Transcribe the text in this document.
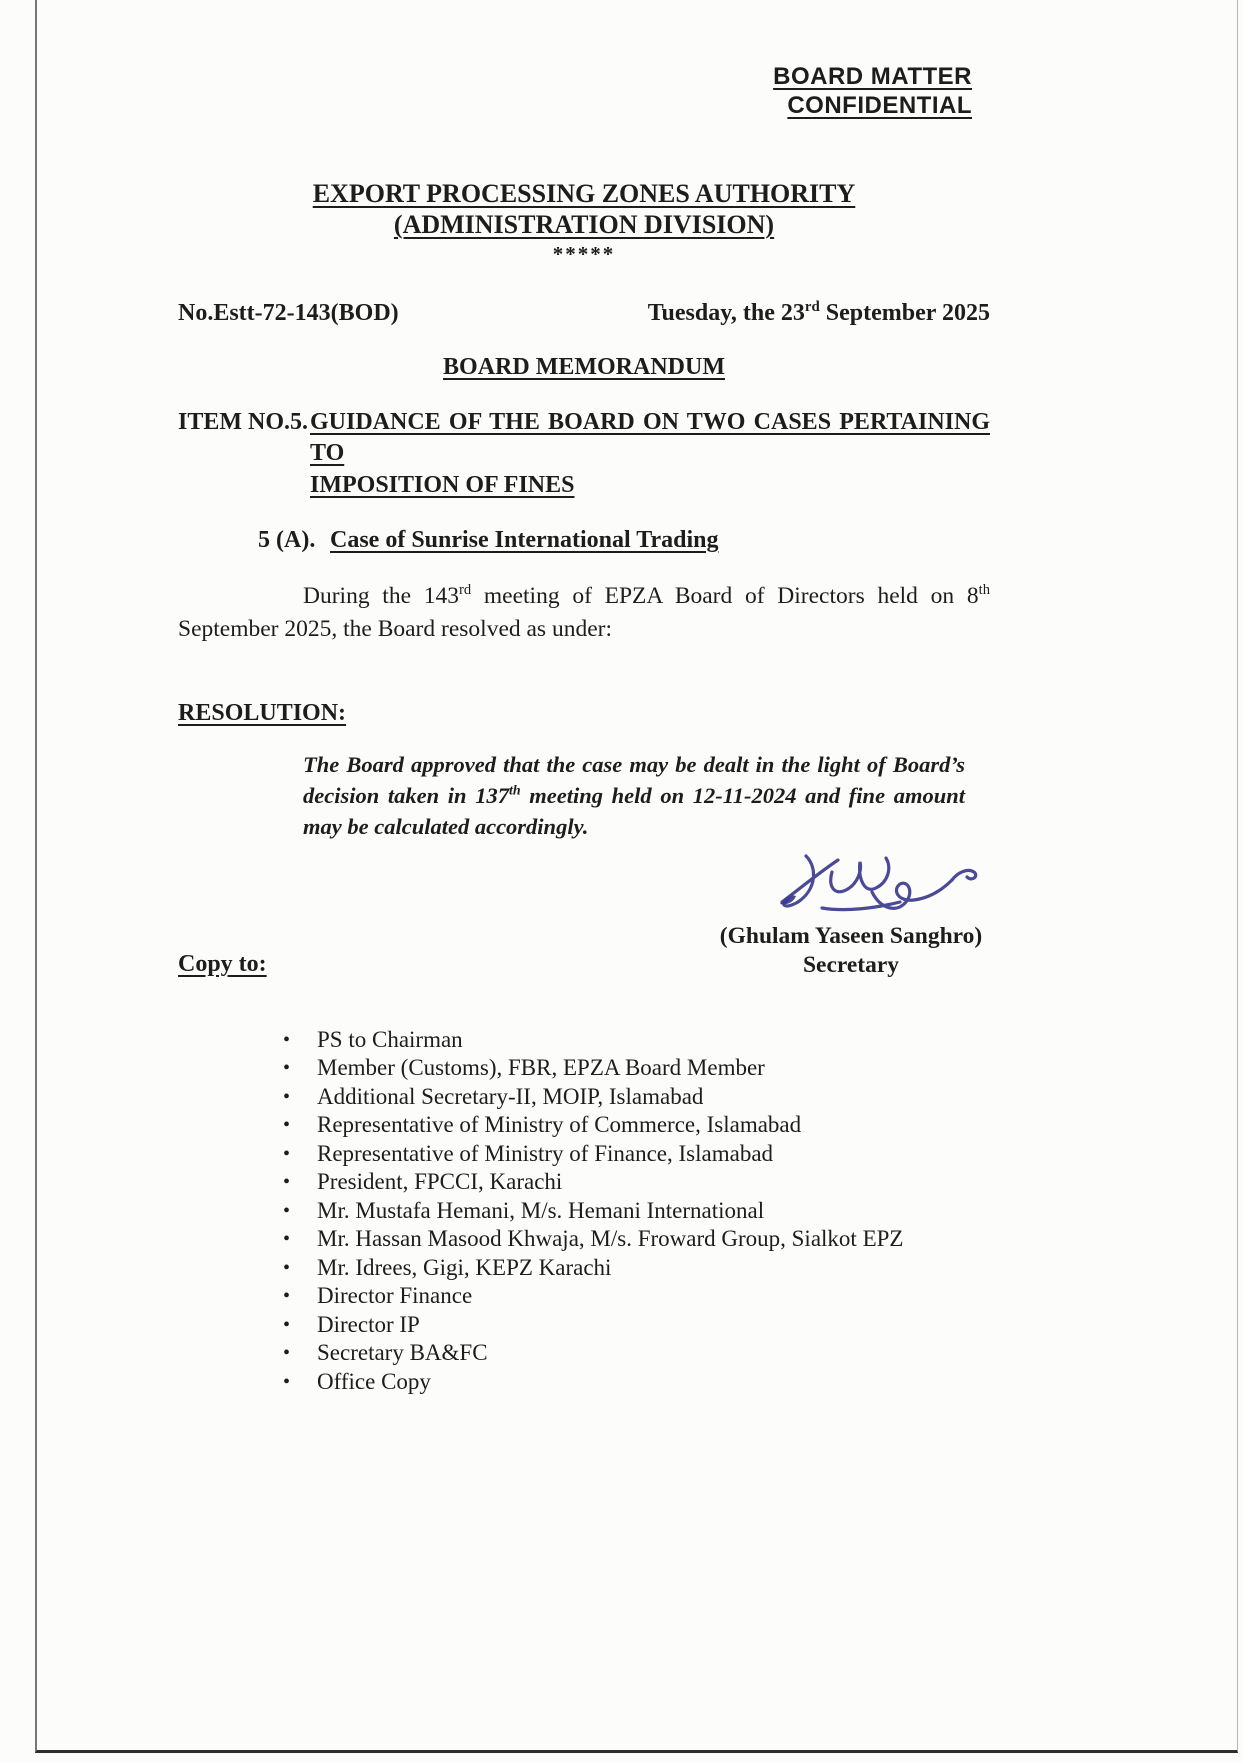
BOARD MATTER
CONFIDENTIAL
EXPORT PROCESSING ZONES AUTHORITY
(ADMINISTRATION DIVISION)
*****
No.Estt-72-143(BOD)	Tuesday, the 23rd September 2025
BOARD MEMORANDUM
ITEM NO.5. GUIDANCE OF THE BOARD ON TWO CASES PERTAINING TO
IMPOSITION OF FINES
5 (A). Case of Sunrise International Trading

During the 143rd meeting of EPZA Board of Directors held on 8th September 2025, the Board resolved as under:

RESOLUTION:

The Board approved that the case may be dealt in the light of Board’s decision taken in 137th meeting held on 12-11-2024 and fine amount may be calculated accordingly.

Copy to:
(Ghulam Yaseen Sanghro)
Secretary
•	PS to Chairman
•	Member (Customs), FBR, EPZA Board Member
•	Additional Secretary-II, MOIP, Islamabad
•	Representative of Ministry of Commerce, Islamabad
•	Representative of Ministry of Finance, Islamabad
•	President, FPCCI, Karachi
•	Mr. Mustafa Hemani, M/s. Hemani International
•	Mr. Hassan Masood Khwaja, M/s. Froward Group, Sialkot EPZ
•	Mr. Idrees, Gigi, KEPZ Karachi
•	Director Finance
•	Director IP
•	Secretary BA&FC
•	Office Copy
